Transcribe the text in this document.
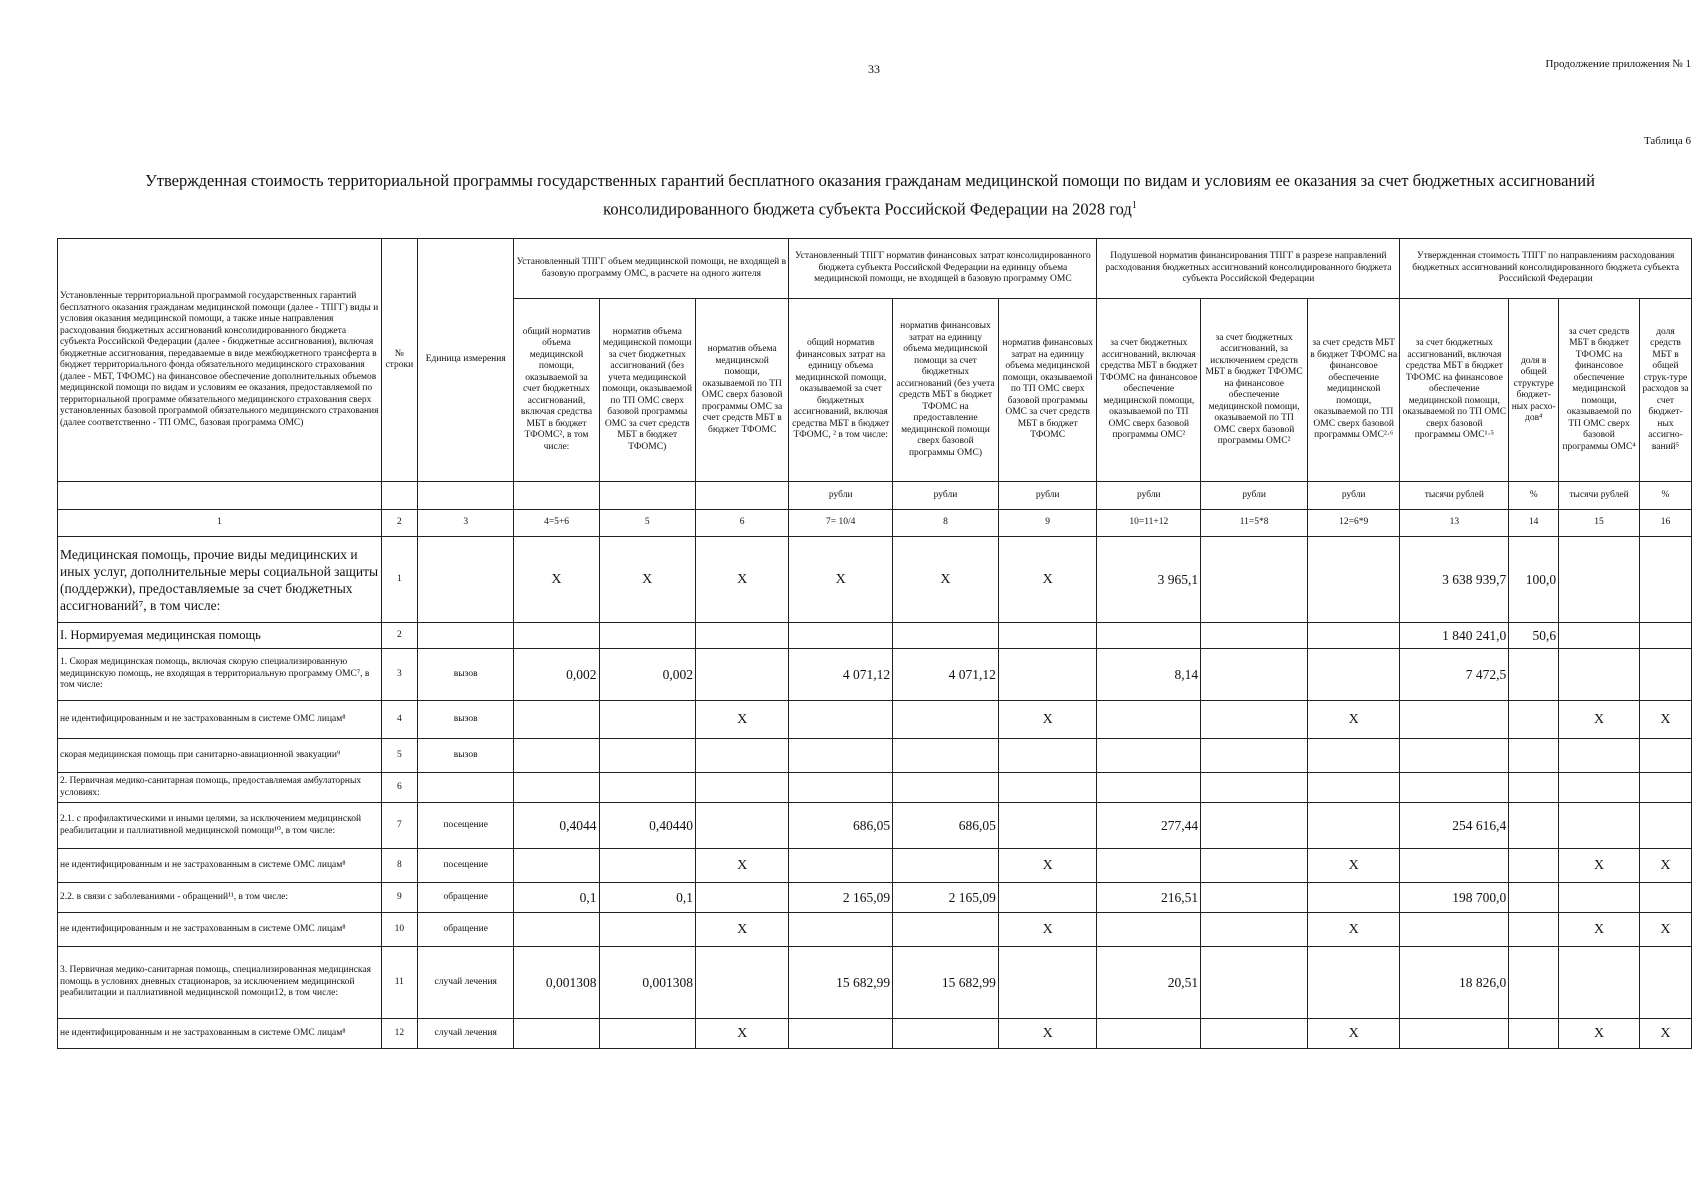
33	Продолжение приложения № 1
Таблица 6
Утвержденная стоимость территориальной программы государственных гарантий бесплатного оказания гражданам медицинской помощи по видам и условиям ее оказания за счет бюджетных ассигнований
консолидированного бюджета субъекта Российской Федерации на 2028 год$^1$
Установленные территориальной программой государственных гарантий бесплатного оказания гражданам медицинской помощи (далее - ТПГГ) виды и условия оказания медицинской помощи, а также иные направления расходования бюджетных ассигнований консолидированного бюджета субъекта Российской Федерации (далее - бюджетные ассигнования), включая бюджетные ассигнования, передаваемые в виде межбюджетного трансферта в бюджет территориального фонда обязательного медицинского страхования (далее - МБТ, ТФОМС) на финансовое обеспечение дополнительных объемов медицинской помощи по видам и условиям ее оказания, предоставляемой по территориальной программе обязательного медицинского страхования сверх установленных базовой программой обязательного медицинского страхования (далее соответственно - ТП ОМС, базовая программа ОМС)	№ строки	Единица измерения	Установленный ТПГГ объем медицинской помощи, не входящей в базовую программу ОМС, в расчете на одного жителя			Установленный ТПГГ норматив финансовых затрат консолидированного бюджета субъекта Российской Федерации на единицу объема медицинской помощи, не входящей в базовую программу ОМС			Подушевой норматив финансирования ТПГГ в разрезе направлений расходования бюджетных ассигнований консолидированного бюджета субъекта Российской Федерации			Утвержденная стоимость ТПГГ по направлениям расходования бюджетных ассигнований консолидированного бюджета субъекта Российской Федерации			
			общий норматив объема медицинской помощи, оказываемой за счет бюджетных ассигнований, включая средства МБТ в бюджет ТФОМС², в том числе:	норматив объема медицинской помощи за счет бюджетных ассигнований (без учета медицинской помощи, оказываемой по ТП ОМС сверх базовой программы ОМС за счет средств МБТ в бюджет ТФОМС)	норматив объема медицинской помощи, оказываемой по ТП ОМС сверх базовой программы ОМС за счет средств МБТ в бюджет ТФОМС	общий норматив финансовых затрат на единицу объема медицинской помощи, оказываемой за счет бюджетных ассигнований, включая средства МБТ в бюджет ТФОМС, ² в том числе:	норматив финансовых затрат на единицу объема медицинской помощи за счет бюджетных ассигнований (без учета средств МБТ в бюджет ТФОМС на предоставление медицинской помощи сверх базовой программы ОМС)	норматив финансовых затрат на единицу объема медицинской помощи, оказываемой по ТП ОМС сверх базовой программы ОМС за счет средств МБТ в бюджет ТФОМС	за счет бюджетных ассигнований, включая средства МБТ в бюджет ТФОМС на финансовое обеспечение медицинской помощи, оказываемой по ТП ОМС сверх базовой программы ОМС²	за счет бюджетных ассигнований, за исключением средств МБТ в бюджет ТФОМС на финансовое обеспечение медицинской помощи, оказываемой по ТП ОМС сверх базовой программы ОМС²	за счет средств МБТ в бюджет ТФОМС на финансовое обеспечение медицинской помощи, оказываемой по ТП ОМС сверх базовой программы ОМС²·⁶	за счет бюджетных ассигнований, включая средства МБТ в бюджет ТФОМС на финансовое обеспечение медицинской помощи, оказываемой по ТП ОМС сверх базовой программы ОМС¹·⁵	доля в общей структуре бюджет-ных расхо-дов⁴	за счет средств МБТ в бюджет ТФОМС на финансовое обеспечение медицинской помощи, оказываемой по ТП ОМС сверх базовой программы ОМС⁴	доля средств МБТ в общей струк-туре расходов за счет бюджет-ных ассигно-ваний⁵
						рубли	рубли	рубли	рубли	рубли	рубли	тысячи рублей	%	тысячи рублей	%
1	2	3	4=5+6	5	6	7= 10/4	8	9	10=11+12	11=5*8	12=6*9	13	14	15	16
Медицинская помощь, прочие виды медицинских и иных услуг, дополнительные меры социальной защиты (поддержки), предоставляемые за счет бюджетных ассигнований⁷, в том числе:	1		X	X	X	X	X	X	3 965,1			3 638 939,7	100,0		
I. Нормируемая медицинская помощь	2											1 840 241,0	50,6		
1. Скорая медицинская помощь, включая скорую специализированную медицинскую помощь, не входящая в территориальную программу ОМС⁷, в том числе:	3	вызов	0,002	0,002		4 071,12	4 071,12		8,14			7 472,5			
не идентифицированным и не застрахованным в системе ОМС лицам⁸	4	вызов			X			X			X			X	X
скорая медицинская помощь при санитарно-авиационной эвакуации⁹	5	вызов													
2. Первичная медико-санитарная помощь, предоставляемая амбулаторных условиях:	6														
2.1. с профилактическими и иными целями, за исключением медицинской реабилитации и паллиативной медицинской помощи¹⁰, в том числе:	7	посещение	0,4044	0,40440		686,05	686,05		277,44			254 616,4			
не идентифицированным и не застрахованным в системе ОМС лицам⁸	8	посещение			X			X			X			X	X
2.2. в связи с заболеваниями - обращений¹¹, в том числе:	9	обращение	0,1	0,1		2 165,09	2 165,09		216,51			198 700,0			
не идентифицированным и не застрахованным в системе ОМС лицам⁸	10	обращение			X			X			X			X	X
3. Первичная медико-санитарная помощь, специализированная медицинская помощь в условиях дневных стационаров, за исключением медицинской реабилитации и паллиативной медицинской помощи12, в том числе:	11	случай лечения	0,001308	0,001308		15 682,99	15 682,99		20,51			18 826,0			
не идентифицированным и не застрахованным в системе ОМС лицам⁸	12	случай лечения			X			X			X			X	X
